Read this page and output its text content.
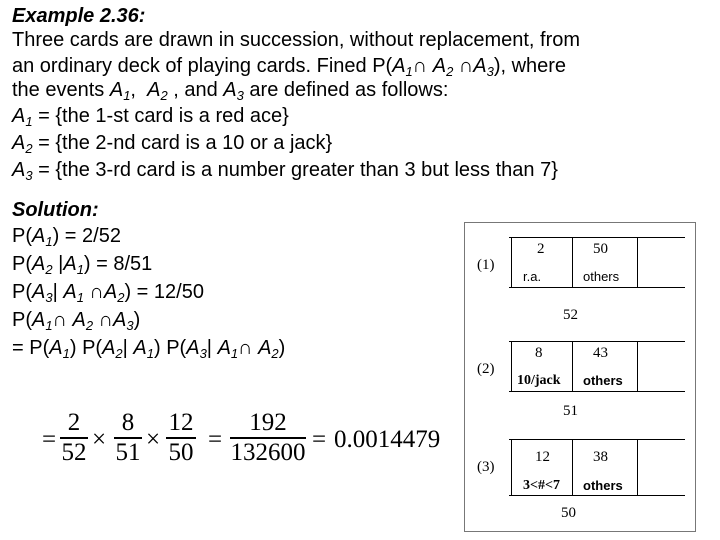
Example 2.36:
Three cards are drawn in succession, without replacement, from
an ordinary deck of playing cards. Fined $P(A_1\cap$ $A_2$ $\cap A_3$), where
the events $A_1$,  $A_2$ , and $A_3$ are defined as follows:
$A_1 = \{the$ 1-st card is a red ace}
$A_2 = \{the$ 2-nd card is a 10 or a jack}
$A_3 = \{the$ 3-rd card is a number greater than 3 but less than 7}
Solution:
$P(A_1) = 2/52$
$P(A_2$ $|A_1) = 8/51$
$P(A_3|$ $A_1$ $\cap A_2) = 12/50$
$P(A_1\cap$ $A_2$ $\cap A_3$)
= $P(A_1)$ $P(A_2|$ $A_1$) $P(A_3|$ $A_1\cap$ $A_2$)
=
2
52 ×
8
51 ×
12
50 =
192
132600 = 0.0014479
(1)
2	50
r.a.	others
52
(2)
8	43
10/jack others
51
(3)
12	38
3<#<7 others
50
